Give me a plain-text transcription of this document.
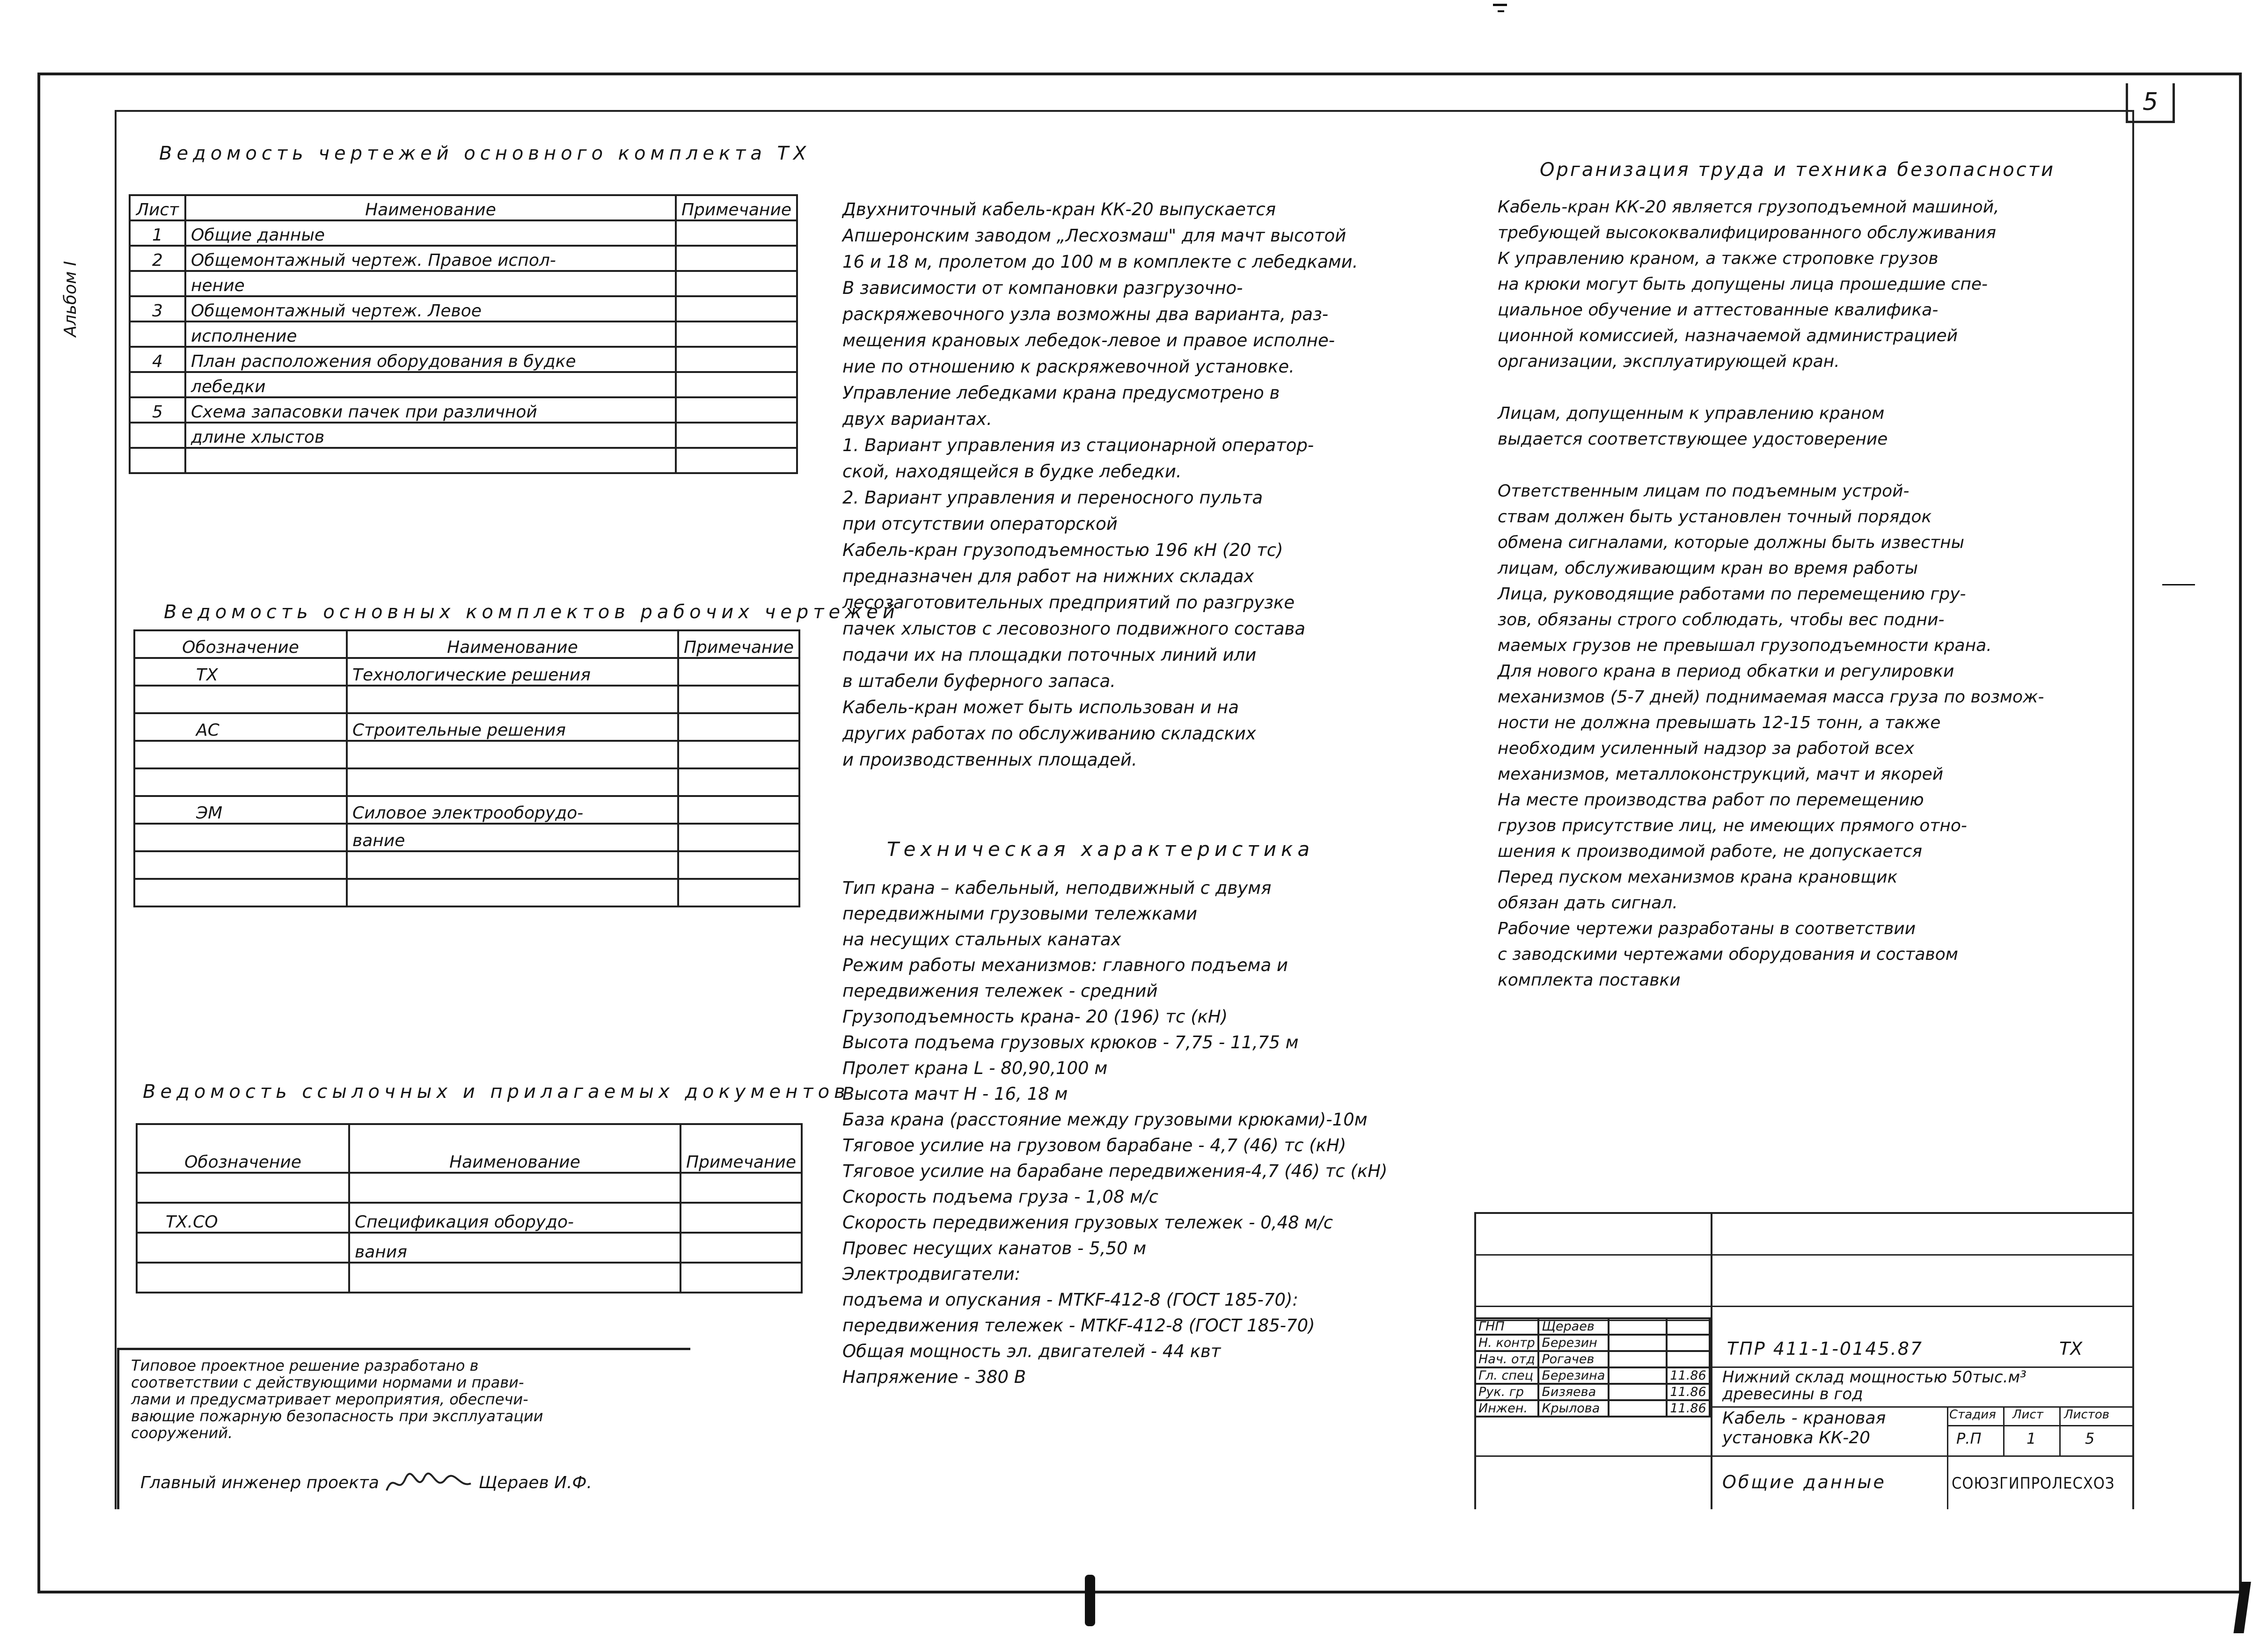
5
Альбом I
Ведомость чертежей основного комплекта ТХ
Лист	Наименование	Примечание
1	Общие данные	
2	Общемонтажный чертеж. Правое испол-	
	нение	
3	Общемонтажный чертеж. Левое	
	исполнение	
4	План расположения оборудования в будке	
	лебедки	
5	Схема запасовки пачек при различной	
	длине хлыстов	

Ведомость основных комплектов рабочих чертежей
Обозначение	Наименование	Примечание
ТХ	Технологические решения	

АС	Строительные решения	

ЭМ	Силовое электрооборудо-	
	вание	

Ведомость ссылочных и прилагаемых документов
Обозначение	Наименование	Примечание

ТХ.СО	Спецификация оборудо-	
	вания	

Типовое проектное решение разработано в
соответствии с действующими нормами и прави-
лами и предусматривает мероприятия, обеспечи-
вающие пожарную безопасность при эксплуатации
сооружений.
Главный инженер проекта	Щерaев И.Ф.
Двухниточный кабель-кран КК-20 выпускается
Апшеронским заводом „Лесхозмаш" для мачт высотой
16 и 18 м, пролетом до 100 м в комплекте с лебедками.
В зависимости от компановки разгрузочно-
раскряжевочного узла возможны два варианта, раз-
мещения крановых лебедок-левое и правое исполне-
ние по отношению к раскряжевочной установке.
Управление лебедками крана предусмотрено в
двух вариантах.
1. Вариант управления из стационарной оператор-
ской, находящейся в будке лебедки.
2. Вариант управления и переносного пульта
при отсутствии операторской
Кабель-кран грузоподъемностью 196 кН (20 тс)
предназначен для работ на нижних складах
лесозаготовительных предприятий по разгрузке
пачек хлыстов с лесовозного подвижного состава
подачи их на площадки поточных линий или
в штабели буферного запаса.
Кабель-кран может быть использован и на
других работах по обслуживанию складских
и производственных площадей.
Техническая характеристика
Тип крана – кабельный, неподвижный с двумя
передвижными грузовыми тележками
на несущих стальных канатах
Режим работы механизмов: главного подъема и
передвижения тележек - средний
Грузоподъемность крана- 20 (196) тс (кН)
Высота подъема грузовых крюков - 7,75 - 11,75 м
Пролет крана L - 80,90,100 м
Высота мачт Н - 16, 18 м
База крана (расстояние между грузовыми крюками)-10м
Тяговое усилие на грузовом барабане - 4,7 (46) тс (кН)
Тяговое усилие на барабане передвижения-4,7 (46) тс (кН)
Скорость подъема груза - 1,08 м/с
Скорость передвижения грузовых тележек - 0,48 м/с
Провес несущих канатов - 5,50 м
Электродвигатели:
подъема и опускания - MTKF-412-8 (ГОСТ 185-70):
передвижения тележек - MTKF-412-8 (ГОСТ 185-70)
Общая мощность эл. двигателей - 44 квт
Напряжение - 380 В
Организация труда и техника безопасности
Кабель-кран КК-20 является грузоподъемной машиной,
требующей высококвалифицированного обслуживания
К управлению краном, а также строповке грузов
на крюки могут быть допущены лица прошедшие спе-
циальное обучение и аттестованные квалифика-
ционной комиссией, назначаемой администрацией
организации, эксплуатирующей кран.
Лицам, допущенным к управлению краном
выдается соответствующее удостоверение
Ответственным лицам по подъемным устрой-
ствам должен быть установлен точный порядок
обмена сигналами, которые должны быть известны
лицам, обслуживающим кран во время работы
Лица, руководящие работами по перемещению гру-
зов, обязаны строго соблюдать, чтобы вес подни-
маемых грузов не превышал грузоподъемности крана.
Для нового крана в период обкатки и регулировки
механизмов (5-7 дней) поднимаемая масса груза по возмож-
ности не должна превышать 12-15 тонн, а также
необходим усиленный надзор за работой всех
механизмов, металлоконструкций, мачт и якорей
На месте производства работ по перемещению
грузов присутствие лиц, не имеющих прямого отно-
шения к производимой работе, не допускается
Перед пуском механизмов крана крановщик
обязан дать сигнал.
Рабочие чертежи разработаны в соответствии
с заводскими чертежами оборудования и составом
комплекта поставки
ГНП	Щерaев		
Н. контр	Березин		
Нач. отд	Рогачев		
Гл. спец	Березина		11.86
Рук. гр	Бизяева		11.86
Инжен.	Крылова		11.86
ТПР 411-1-0145.87	ТХ
Нижний склад мощностью 50тыс.м³
древесины в год
Кабель - крановая
установка КК-20
Стадия Лист Листов
Р.П	1	5
Общие данные	СОЮЗГИПРОЛЕСХОЗ
